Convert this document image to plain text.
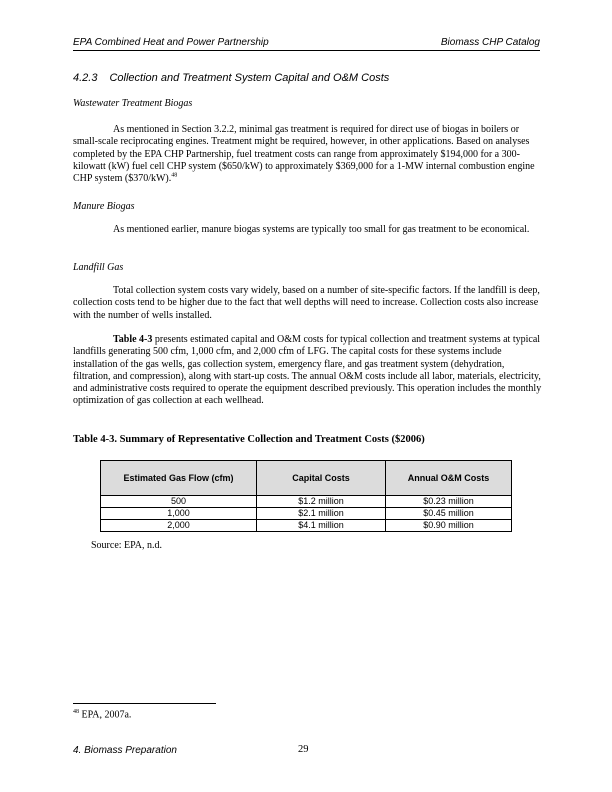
EPA Combined Heat and Power Partnership	Biomass CHP Catalog
4.2.3 Collection and Treatment System Capital and O&M Costs
Wastewater Treatment Biogas

As mentioned in Section 3.2.2, minimal gas treatment is required for direct use of biogas in boilers or small-scale reciprocating engines. Treatment might be required, however, in other applications. Based on analyses completed by the EPA CHP Partnership, fuel treatment costs can range from approximately $194,000 for a 300-kilowatt (kW) fuel cell CHP system ($650/kW) to approximately $369,000 for a 1-MW internal combustion engine CHP system ($370/kW).$^{48}$

Manure Biogas

As mentioned earlier, manure biogas systems are typically too small for gas treatment to be economical.

Landfill Gas

Total collection system costs vary widely, based on a number of site-specific factors. If the landfill is deep, collection costs tend to be higher due to the fact that well depths will need to increase. Collection costs also increase with the number of wells installed.

Table 4-3 presents estimated capital and O&M costs for typical collection and treatment systems at typical landfills generating 500 cfm, 1,000 cfm, and 2,000 cfm of LFG. The capital costs for these systems include installation of the gas wells, gas collection system, emergency flare, and gas treatment system (dehydration, filtration, and compression), along with start-up costs. The annual O&M costs include all labor, materials, electricity, and administrative costs required to operate the equipment described previously. This operation includes the monthly optimization of gas collection at each wellhead.

Table 4-3. Summary of Representative Collection and Treatment Costs ($2006)
Estimated Gas Flow (cfm)	Capital Costs	Annual O&M Costs
500	$1.2 million	$0.23 million
1,000	$2.1 million	$0.45 million
2,000	$4.1 million	$0.90 million
Source: EPA, n.d.
$^{48}$ EPA, 2007a.
4. Biomass Preparation	29
